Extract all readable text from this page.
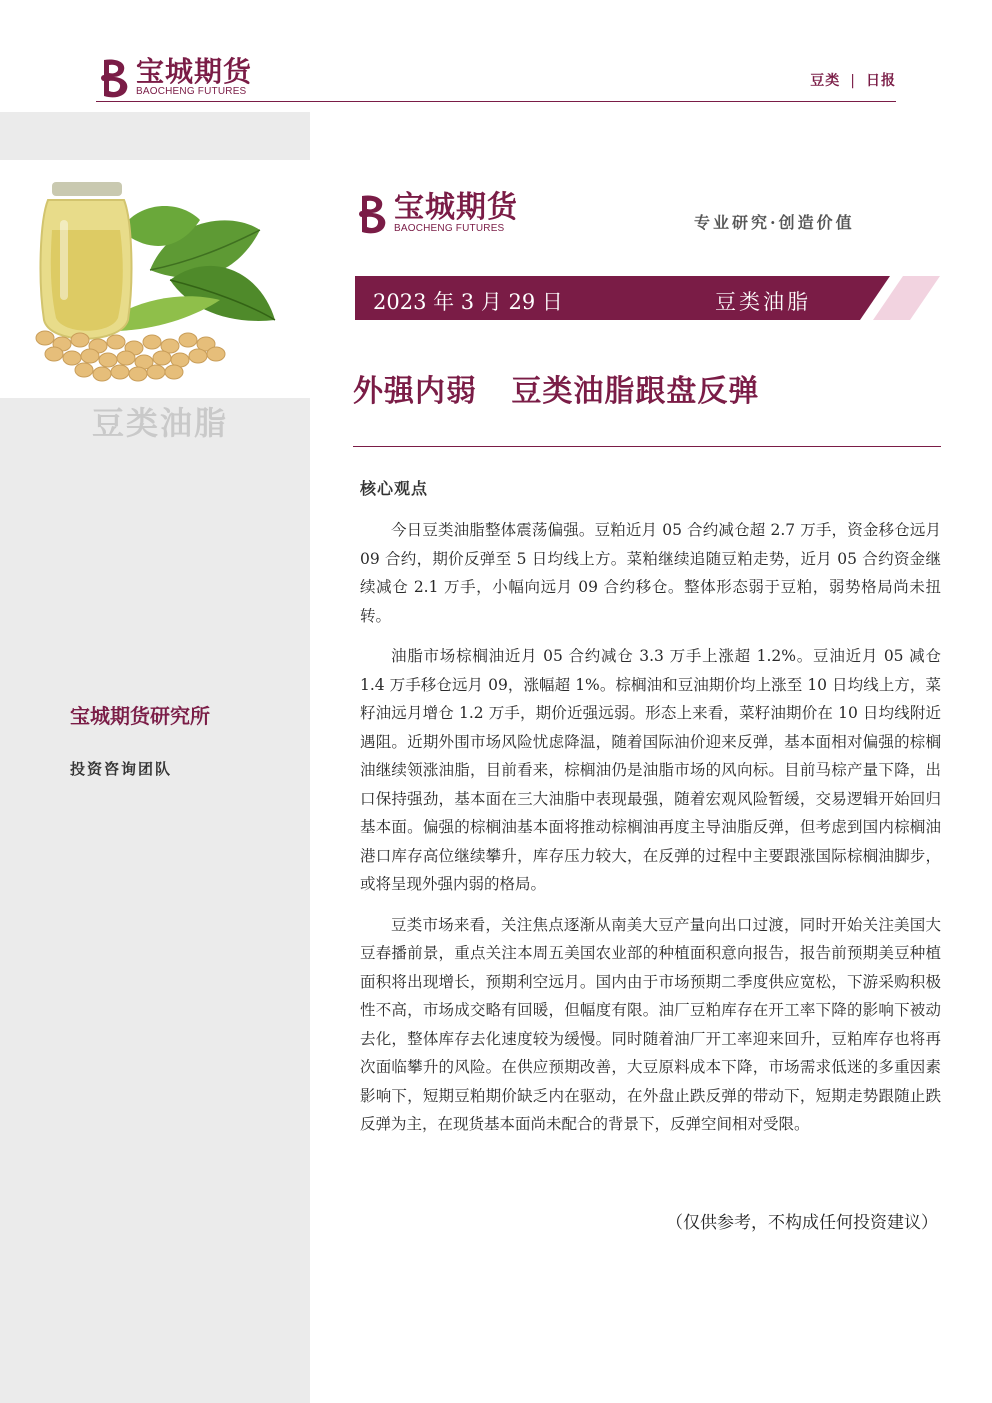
宝城期货
BAOCHENG FUTURES
豆类 | 日报
豆类油脂
宝城期货研究所
投资咨询团队
宝城期货
BAOCHENG FUTURES	专业研究·创造价值
2023 年 3 月 29 日	豆类油脂
外强内弱   豆类油脂跟盘反弹
核心观点

今日豆类油脂整体震荡偏强。豆粕近月 05 合约减仓超 2.7 万手，资金移仓远月 09 合约，期价反弹至 5 日均线上方。菜粕继续追随豆粕走势，近月 05 合约资金继续减仓 2.1 万手，小幅向远月 09 合约移仓。整体形态弱于豆粕，弱势格局尚未扭转。

油脂市场棕榈油近月 05 合约减仓 3.3 万手上涨超 1.2%。豆油近月 05 减仓 1.4 万手移仓远月 09，涨幅超 1%。棕榈油和豆油期价均上涨至 10 日均线上方，菜籽油远月增仓 1.2 万手，期价近强远弱。形态上来看，菜籽油期价在 10 日均线附近遇阻。近期外围市场风险忧虑降温，随着国际油价迎来反弹，基本面相对偏强的棕榈油继续领涨油脂，目前看来，棕榈油仍是油脂市场的风向标。目前马棕产量下降，出口保持强劲，基本面在三大油脂中表现最强，随着宏观风险暂缓，交易逻辑开始回归基本面。偏强的棕榈油基本面将推动棕榈油再度主导油脂反弹，但考虑到国内棕榈油港口库存高位继续攀升，库存压力较大，在反弹的过程中主要跟涨国际棕榈油脚步，或将呈现外强内弱的格局。

豆类市场来看，关注焦点逐渐从南美大豆产量向出口过渡，同时开始关注美国大豆春播前景，重点关注本周五美国农业部的种植面积意向报告，报告前预期美豆种植面积将出现增长，预期利空远月。国内由于市场预期二季度供应宽松，下游采购积极性不高，市场成交略有回暖，但幅度有限。油厂豆粕库存在开工率下降的影响下被动去化，整体库存去化速度较为缓慢。同时随着油厂开工率迎来回升，豆粕库存也将再次面临攀升的风险。在供应预期改善，大豆原料成本下降，市场需求低迷的多重因素影响下，短期豆粕期价缺乏内在驱动，在外盘止跌反弹的带动下，短期走势跟随止跌反弹为主，在现货基本面尚未配合的背景下，反弹空间相对受限。

（仅供参考，不构成任何投资建议）
